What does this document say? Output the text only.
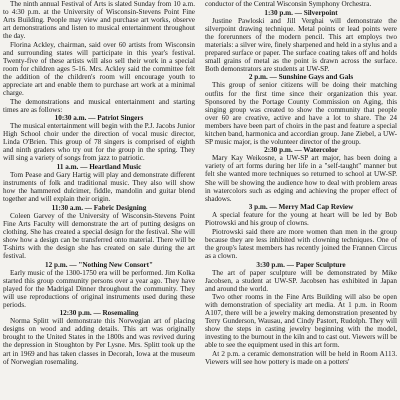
The ninth annual Festival of Arts is slated Sunday from 10 a.m. to 4:30 p.m. at the University of Wisconsin-Stevens Point Fine Arts Building. People may view and purchase art works, observe art demonstrations and listen to musical entertainment throughout the day.

Florina Ackley, chairman, said over 60 artists from Wisconsin and surrounding states will participate in this year's festival. Twenty-five of these artists will also sell their work in a special room for children ages 5-16. Mrs. Ackley said the committee felt the addition of the children's room will encourage youth to appreciate art and enable them to purchase art work at a minimal charge.

The demonstrations and musical entertainment and starting times are as follows:

10:30 a.m. — Patriot Singers

The musical entertainment will begin with the P.J. Jacobs Junior High School choir under the direction of vocal music director, Linda O'Brien. This group of 78 singers is comprised of eighth and ninth graders who try out for the group in the spring. They will sing a variety of songs from jazz to patriotic.

11 a.m. — Heartland Music

Tom Pease and Gary Hartig will play and demonstrate different instruments of folk and traditional music. They also will show how the hammered dulcimer, fiddle, mandolin and guitar blend together and will explain their origin.

11:30 a.m. — Fabric Designing

Coleen Garvey of the University of Wisconsin-Stevens Point Fine Arts Faculty will demonstrate the art of putting designs on clothing. She has created a special design for the festival. She will show how a design can be transferred onto material. There will be T-shirts with the design she has created on sale during the art festival.

12 p.m. — "Nothing New Consort"

Early music of the 1300-1750 era will be performed. Jim Kolka started this group community persons over a year ago. They have played for the Madrigal Dinner throughout the community. They will use reproductions of original instruments used during these periods.

12:30 p.m. — Rosemaling

Norma Splitt will demonstrate this Norwegian art of placing designs on wood and adding details. This art was originally brought to the United States in the 1800s and was revived during the depression in Stoughton by Per Lysne. Mrs. Splitt took up the art in 1969 and has taken classes in Decorah, Iowa at the museum of Norwegian rosemaling.

conductor of the Central Wisconsin Symphony Orchestra.

1:30 p.m. — Silverpoint

Justine Pawloski and Jill Verghai will demonstrate the silverpoint drawing technique. Metal points or lead points were the forerunners of the modern pencil. This art employs two materials: a silver wire, finely sharpened and held in a stylus and a prepared surface or paper. The surface coating takes off and holds small grains of metal as the point is drawn across the surface. Both demonstrators are students at UW-SP.

2 p.m. — Sunshine Gays and Gals

This group of senior citizens will be doing their matching outfits for the first time since their organization this year. Sponsored by the Portage County Commission on Aging, this singing group was created to show the community that people over 60 are creative, active and have a lot to share. The 24 members have been part of choirs in the past and feature a special kitchen band, harmonica and accordian group. Jane Ziebel, a UW-SP music major, is the volunteer director of the group.

2:30 p.m. — Watercolor

Mary Kay Weikosne, a UW-SP art major, has been doing a variety of art forms during her life in a "self-taught" manner but felt she wanted more techniques so returned to school at UW-SP. She will be showing the audience how to deal with problem areas in watercolors such as edging and achieving the proper effect of shadows.

3 p.m. — Merry Mad Cap Review

A special feature for the young at heart will be led by Bob Piotrowski and his group of clowns.

Piotrowski said there are more women than men in the group because they are less inhibited with clowning techniques. One of the group's latest members has recently joined the Frannen Circus as a clown.

3:30 p.m. — Paper Sculpture

The art of paper sculpture will be demonstrated by Mike Jacobsen, a student at UW-SP. Jacobsen has exhibited in Japan and around the world.

Two other rooms in the Fine Arts Building will also be open with demonstration of speciality art media. At 1 p.m. in Room A107, there will be a jewelry making demonstration presented by Terry Gunderson, Wausau, and Cindy Pastort, Rudolph. They will show the steps in casting jewelry beginning with the model, investing to the burnout in the kiln and to cast out. Viewers will be able to see the equipment used in this art form.

At 2 p.m. a ceramic demonstration will be held in Room A113. Viewers will see how pottery is made on a potters'
